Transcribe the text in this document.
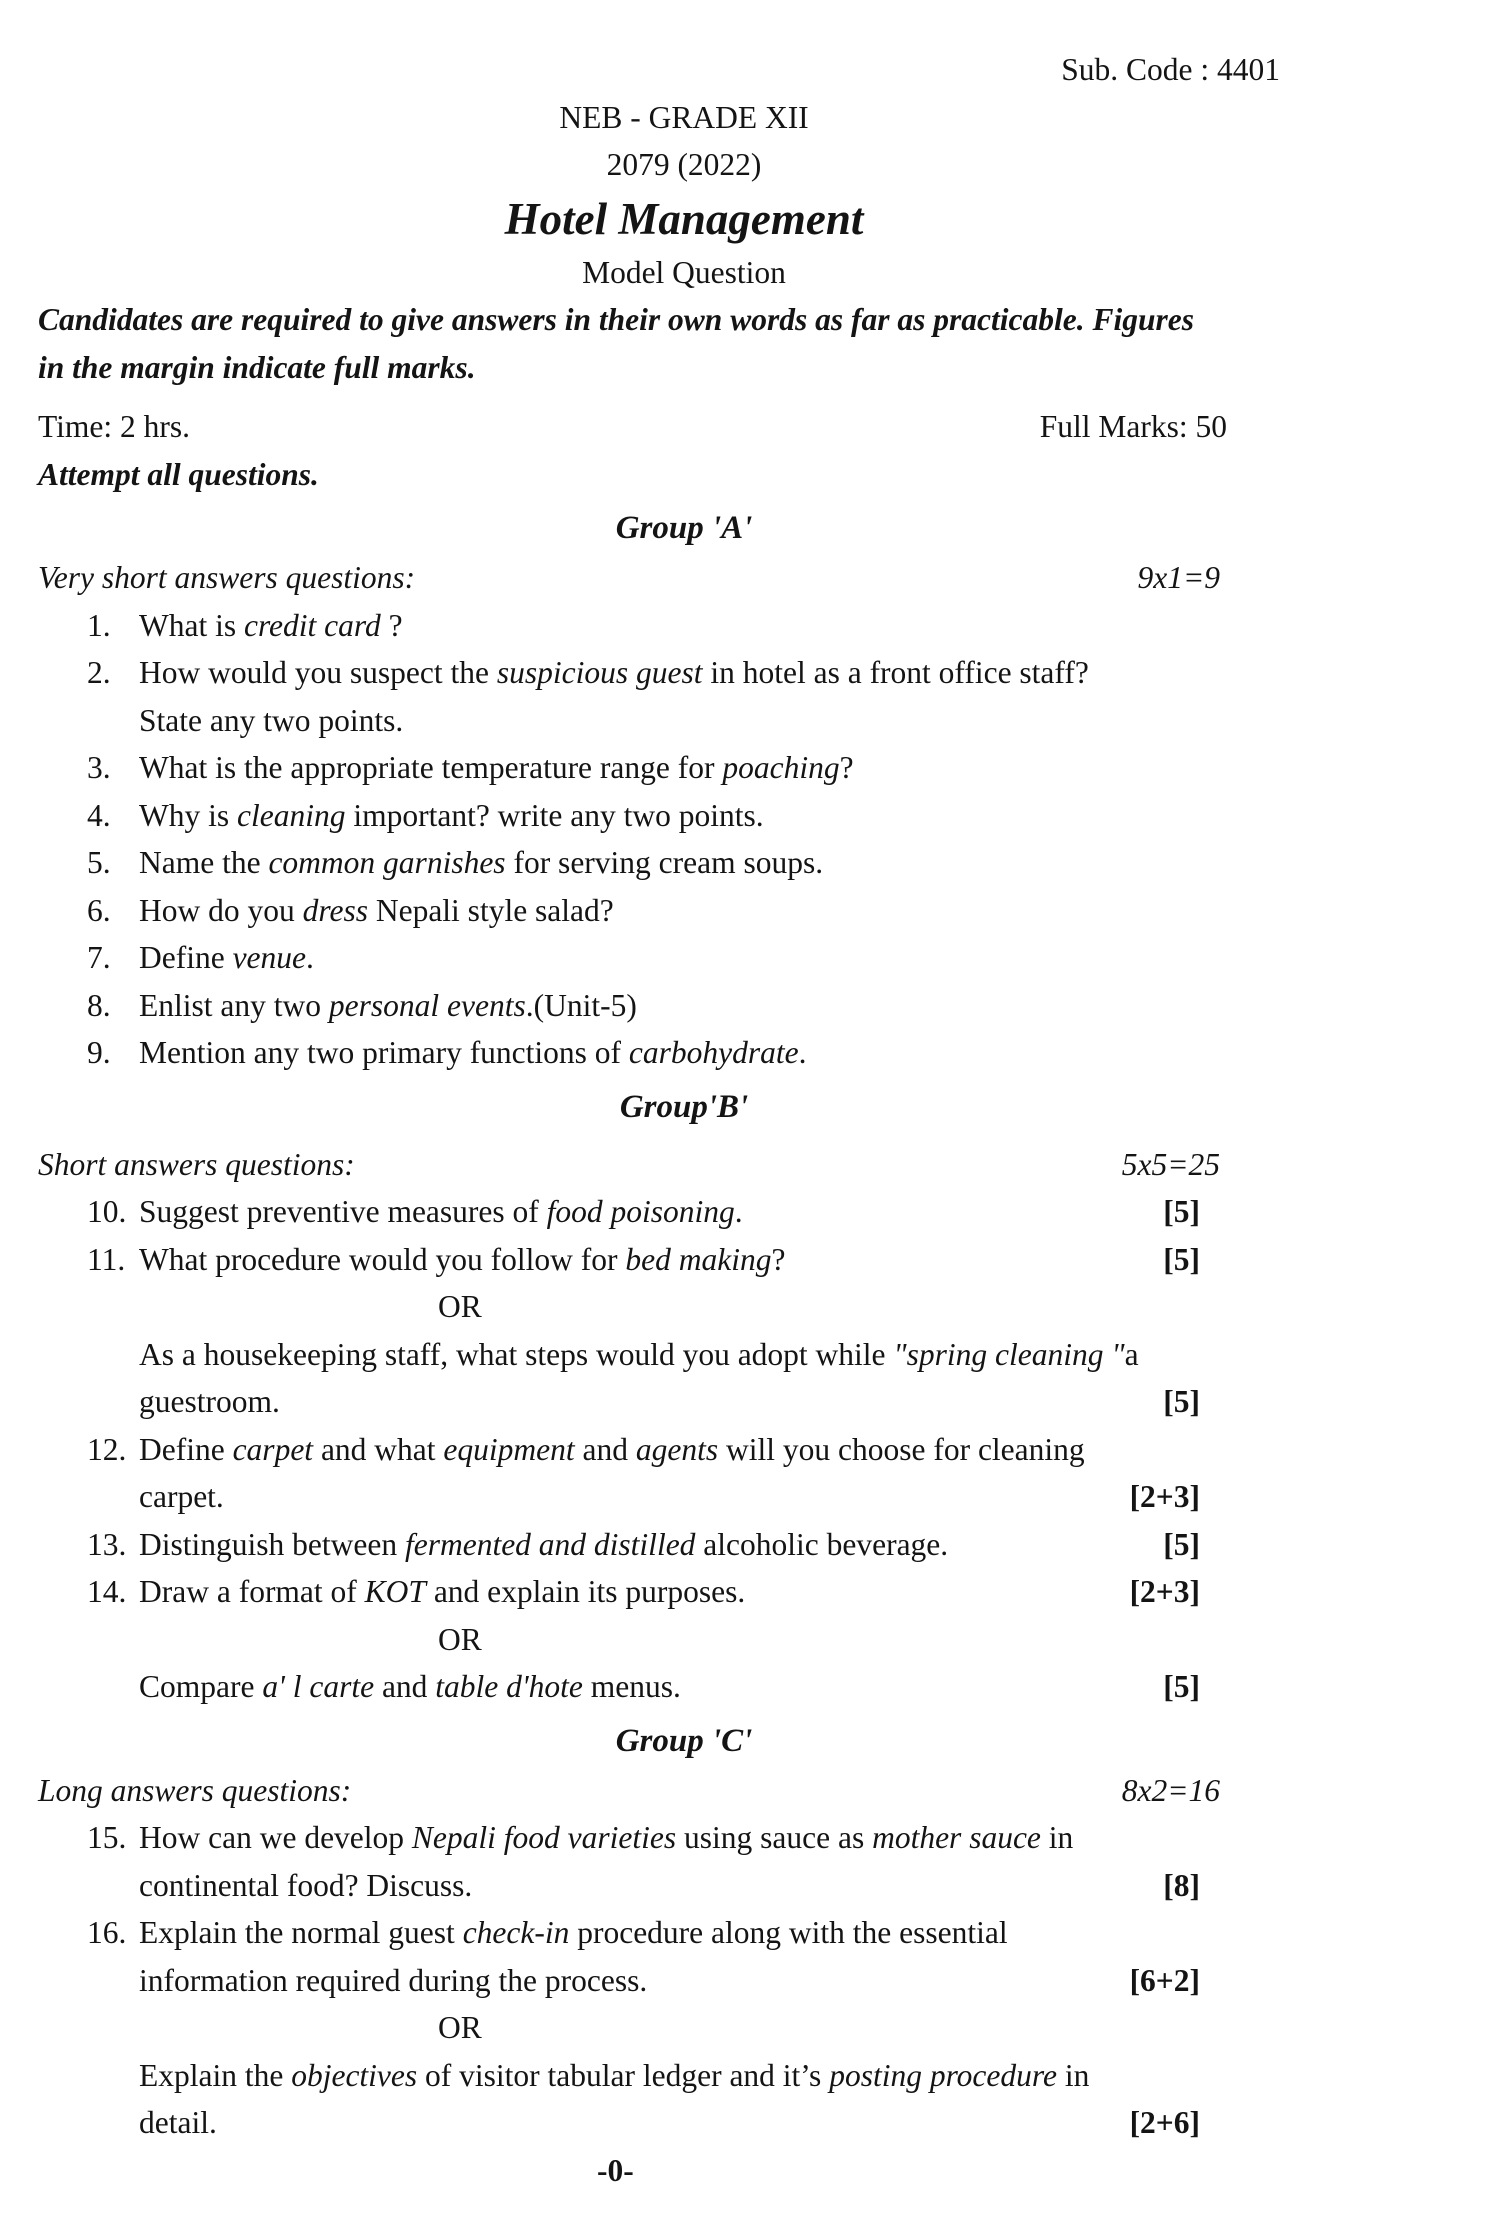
Sub. Code : 4401
NEB - GRADE XII
2079 (2022)
Hotel Management
Model Question
Candidates are required to give answers in their own words as far as practicable. Figures
in the margin indicate full marks.
Time: 2 hrs.	Full Marks: 50
Attempt all questions.
Group 'A'
Very short answers questions:	9x1=9
1. What is credit card ?
2. How would you suspect the suspicious guest in hotel as a front office staff?
State any two points.
3. What is the appropriate temperature range for poaching?
4. Why is cleaning important? write any two points.
5. Name the common garnishes for serving cream soups.
6. How do you dress Nepali style salad?
7. Define venue.
8. Enlist any two personal events.(Unit-5)
9. Mention any two primary functions of carbohydrate.
Group'B'
Short answers questions:	5x5=25
10. Suggest preventive measures of food poisoning.	[5]
11. What procedure would you follow for bed making?	[5]
OR
As a housekeeping staff, what steps would you adopt while "spring cleaning "a
guestroom.	[5]
12. Define carpet and what equipment and agents will you choose for cleaning
carpet.	[2+3]
13. Distinguish between fermented and distilled alcoholic beverage.	[5]
14. Draw a format of KOT and explain its purposes.	[2+3]
OR
Compare a' l carte and table d'hote menus.	[5]
Group 'C'
Long answers questions:	8x2=16
15. How can we develop Nepali food varieties using sauce as mother sauce in
continental food? Discuss.	[8]
16. Explain the normal guest check-in procedure along with the essential
information required during the process.	[6+2]
OR
Explain the objectives of visitor tabular ledger and it’s posting procedure in
detail.	[2+6]
-0-
